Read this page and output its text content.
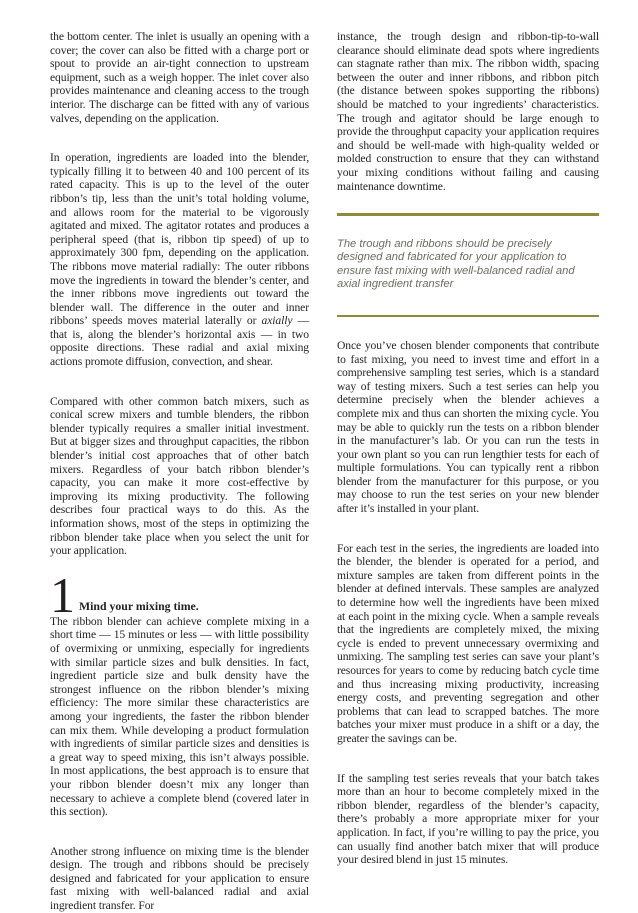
the bottom center. The inlet is usually an opening with a cover; the cover can also be fitted with a charge port or spout to provide an air-tight connection to upstream equipment, such as a weigh hopper. The inlet cover also provides maintenance and cleaning access to the trough interior. The discharge can be fitted with any of various valves, depending on the application.

In operation, ingredients are loaded into the blender, typically filling it to between 40 and 100 percent of its rated capacity. This is up to the level of the outer ribbon’s tip, less than the unit’s total holding volume, and allows room for the material to be vigorously agitated and mixed. The agitator rotates and produces a peripheral speed (that is, ribbon tip speed) of up to approximately 300 fpm, depending on the application. The ribbons move material radially: The outer ribbons move the ingredients in toward the blender’s center, and the inner ribbons move ingredients out toward the blender wall. The difference in the outer and inner ribbons’ speeds moves material laterally or axially — that is, along the blender’s horizontal axis — in two opposite directions. These radial and axial mixing actions promote diffusion, convection, and shear.

Compared with other common batch mixers, such as conical screw mixers and tumble blenders, the ribbon blender typically requires a smaller initial investment. But at bigger sizes and throughput capacities, the ribbon blender’s initial cost approaches that of other batch mixers. Regardless of your batch ribbon blender’s capacity, you can make it more cost-effective by improving its mixing productivity. The following describes four practical ways to do this. As the information shows, most of the steps in optimizing the ribbon blender take place when you select the unit for your application.

1 Mind your mixing time.

The ribbon blender can achieve complete mixing in a short time — 15 minutes or less — with little possibility of overmixing or unmixing, especially for ingredients with similar particle sizes and bulk densities. In fact, ingredient particle size and bulk density have the strongest influence on the ribbon blender’s mixing efficiency: The more similar these characteristics are among your ingredients, the faster the ribbon blender can mix them. While developing a product formulation with ingredients of similar particle sizes and densities is a great way to speed mixing, this isn’t always possible. In most applications, the best approach is to ensure that your ribbon blender doesn’t mix any longer than necessary to achieve a complete blend (covered later in this section).

Another strong influence on mixing time is the blender design. The trough and ribbons should be precisely designed and fabricated for your application to ensure fast mixing with well-balanced radial and axial ingredient transfer. For

instance, the trough design and ribbon-tip-to-wall clearance should eliminate dead spots where ingredients can stagnate rather than mix. The ribbon width, spacing between the outer and inner ribbons, and ribbon pitch (the distance between spokes supporting the ribbons) should be matched to your ingredients’ characteristics. The trough and agitator should be large enough to provide the throughput capacity your application requires and should be well-made with high-quality welded or molded construction to ensure that they can withstand your mixing conditions without failing and causing maintenance downtime.

The trough and ribbons should be precisely designed and fabricated for your application to ensure fast mixing with well-balanced radial and axial ingredient transfer

Once you’ve chosen blender components that contribute to fast mixing, you need to invest time and effort in a comprehensive sampling test series, which is a standard way of testing mixers. Such a test series can help you determine precisely when the blender achieves a complete mix and thus can shorten the mixing cycle. You may be able to quickly run the tests on a ribbon blender in the manufacturer’s lab. Or you can run the tests in your own plant so you can run lengthier tests for each of multiple formulations. You can typically rent a ribbon blender from the manufacturer for this purpose, or you may choose to run the test series on your new blender after it’s installed in your plant.

For each test in the series, the ingredients are loaded into the blender, the blender is operated for a period, and mixture samples are taken from different points in the blender at defined intervals. These samples are analyzed to determine how well the ingredients have been mixed at each point in the mixing cycle. When a sample reveals that the ingredients are completely mixed, the mixing cycle is ended to prevent unnecessary overmixing and unmixing. The sampling test series can save your plant’s resources for years to come by reducing batch cycle time and thus increasing mixing productivity, increasing energy costs, and preventing segregation and other problems that can lead to scrapped batches. The more batches your mixer must produce in a shift or a day, the greater the savings can be.

If the sampling test series reveals that your batch takes more than an hour to become completely mixed in the ribbon blender, regardless of the blender’s capacity, there’s probably a more appropriate mixer for your application. In fact, if you’re willing to pay the price, you can usually find another batch mixer that will produce your desired blend in just 15 minutes.
